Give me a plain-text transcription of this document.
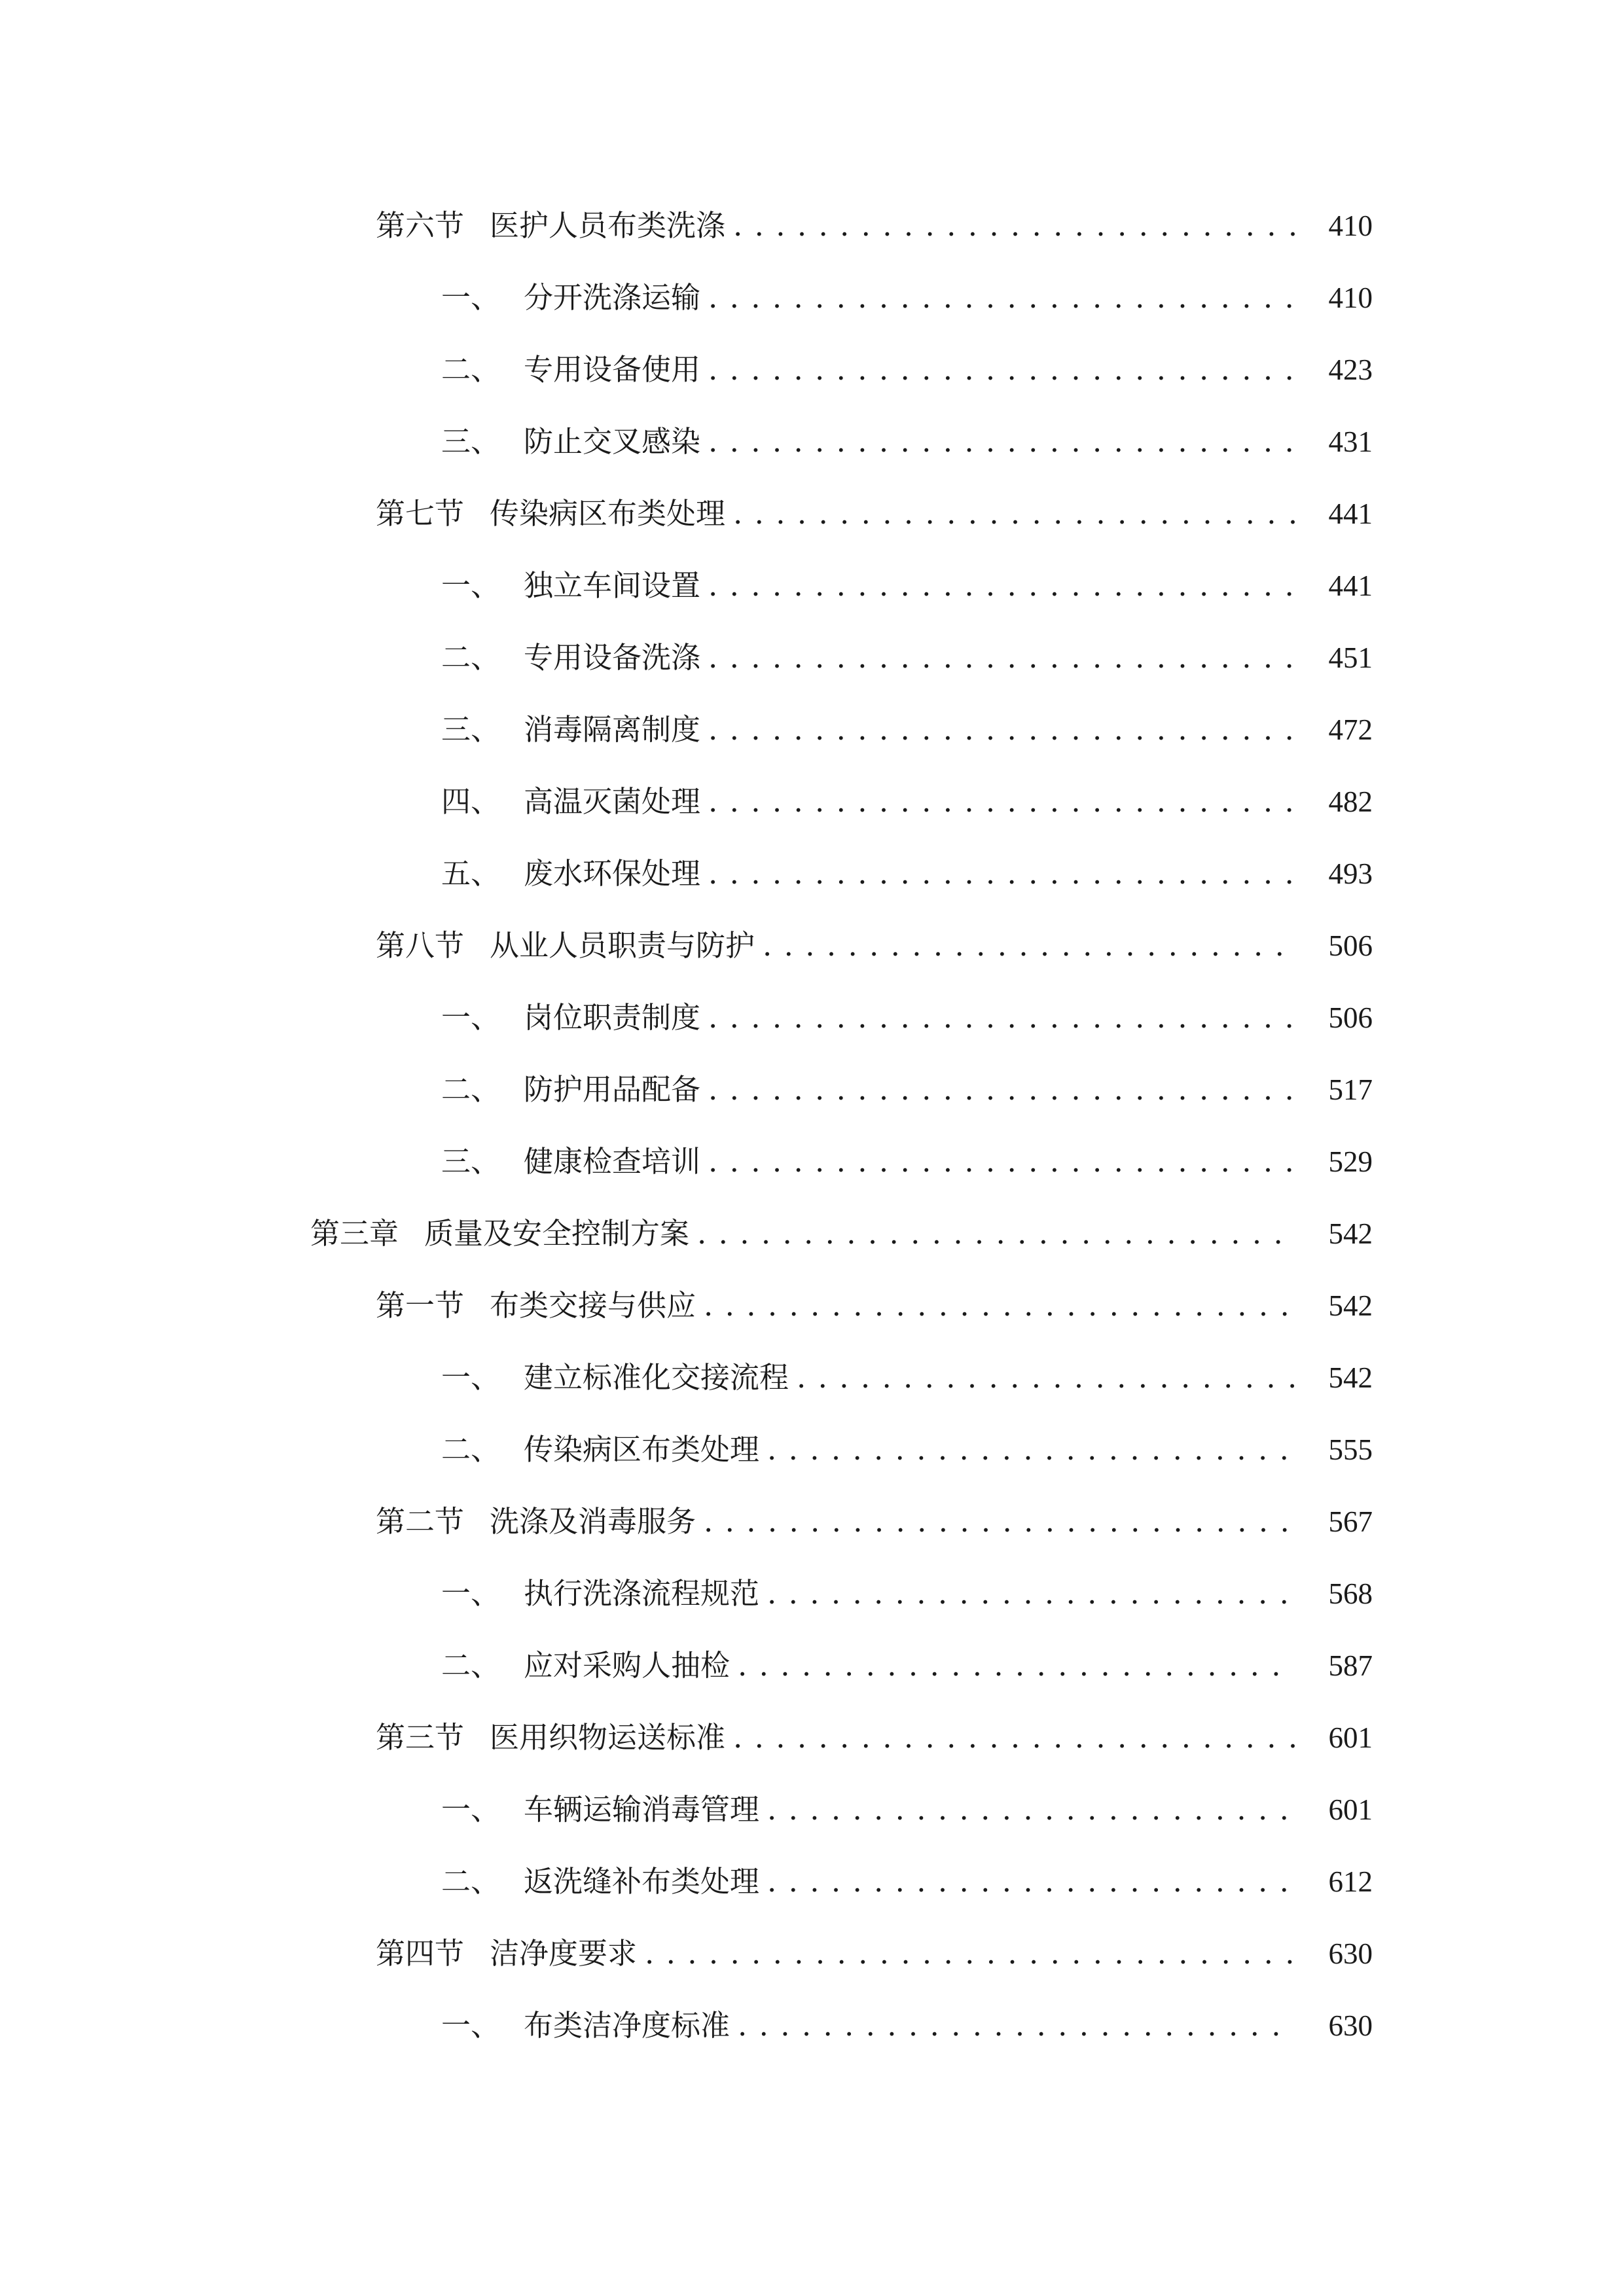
第六节 医护人员布类洗涤 . . .	410
一、 分开洗涤运输 . . .	410
二、 专用设备使用 . . .	423
三、 防止交叉感染 . . .	431
第七节 传染病区布类处理 . . .	441
一、 独立车间设置 . . .	441
二、 专用设备洗涤 . . .	451
三、 消毒隔离制度 . . .	472
四、 高温灭菌处理 . . .	482
五、 废水环保处理 . . .	493
第八节 从业人员职责与防护 . . .	506
一、 岗位职责制度 . . .	506
二、 防护用品配备 . . .	517
三、 健康检查培训 . . .	529
第三章 质量及安全控制方案 . . .	542
第一节 布类交接与供应 . . .	542
一、 建立标准化交接流程 . . .	542
二、 传染病区布类处理 . . .	555
第二节 洗涤及消毒服务 . . .	567
一、 执行洗涤流程规范 . . .	568
二、 应对采购人抽检 . . .	587
第三节 医用织物运送标准 . . .	601
一、 车辆运输消毒管理 . . .	601
二、 返洗缝补布类处理 . . .	612
第四节 洁净度要求 . . .	630
一、 布类洁净度标准 . . .	630
